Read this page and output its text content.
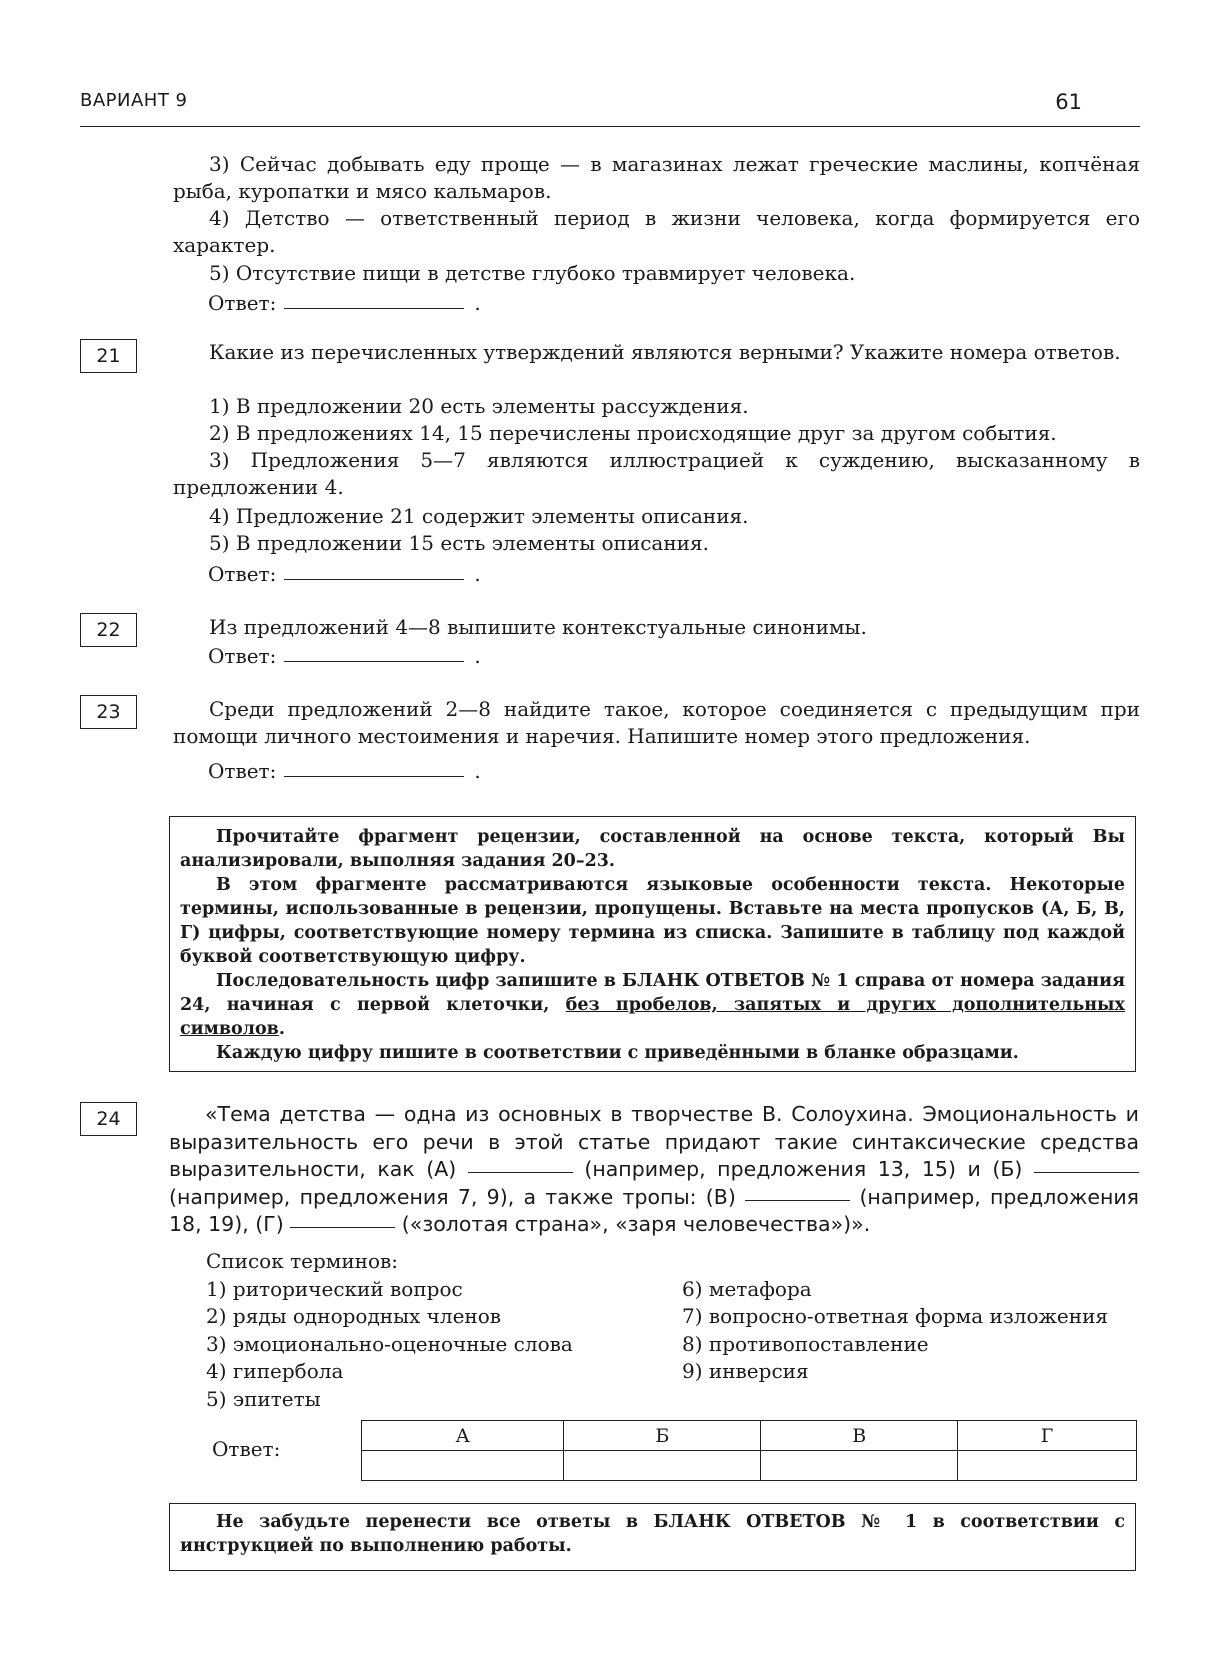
ВАРИАНТ 9	61
3) Сейчас добывать еду проще — в магазинах лежат греческие маслины, копчёная рыба, куропатки и мясо кальмаров.
4) Детство — ответственный период в жизни человека, когда формируется его характер.
5) Отсутствие пищи в детстве глубоко травмирует человека.
Ответ:	.
21	Какие из перечисленных утверждений являются верными? Укажите номера ответов.
1) В предложении 20 есть элементы рассуждения.
2) В предложениях 14, 15 перечислены происходящие друг за другом события.
3) Предложения 5—7 являются иллюстрацией к суждению, высказанному в предложении 4.
4) Предложение 21 содержит элементы описания.
5) В предложении 15 есть элементы описания.
Ответ:	.
22	Из предложений 4—8 выпишите контекстуальные синонимы.
Ответ:	.
23	Среди предложений 2—8 найдите такое, которое соединяется с предыдущим при помощи личного местоимения и наречия. Напишите номер этого предложения.
Ответ:	.

Прочитайте фрагмент рецензии, составленной на основе текста, который Вы анализировали, выполняя задания 20–23.

В этом фрагменте рассматриваются языковые особенности текста. Некоторые термины, использованные в рецензии, пропущены. Вставьте на места пропусков (А, Б, В, Г) цифры, соответствующие номеру термина из списка. Запишите в таблицу под каждой буквой соответствующую цифру.

Последовательность цифр запишите в БЛАНК ОТВЕТОВ № 1 справа от номера задания 24, начиная с первой клеточки, без пробелов, запятых и других дополнительных символов.

Каждую цифру пишите в соответствии с приведёнными в бланке образцами.

24	«Тема детства — одна из основных в творчестве В. Солоухина. Эмоциональность и выразительность его речи в этой статье придают такие синтаксические средства выразительности, как (А)	(например, предложения 13, 15) и (Б)  (например, предложения 7, 9), а также тропы: (В)	(например, предложения 18, 19), (Г)	(«золотая страна», «заря человечества»)».
Список терминов:
1) риторический вопрос
2) ряды однородных членов
3) эмоционально-оценочные слова
4) гипербола
5) эпитеты
6) метафора
7) вопросно-ответная форма изложения
8) противопоставление
9) инверсия
Ответ:
А	Б	В	Г

Не забудьте перенести все ответы в БЛАНК ОТВЕТОВ № 1 в соответствии с инструкцией по выполнению работы.
